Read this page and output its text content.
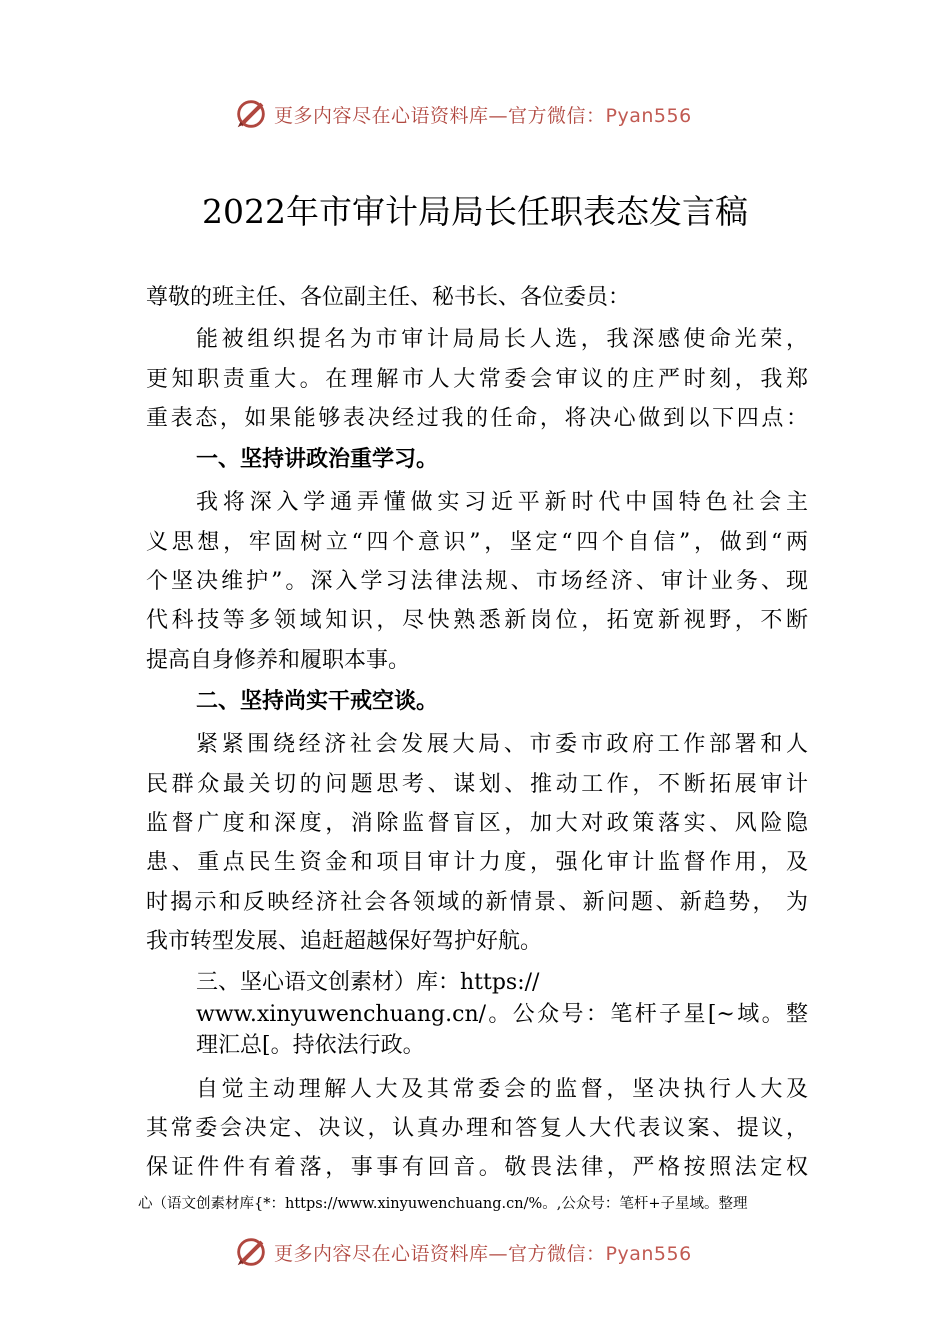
更多内容尽在心语资料库—官方微信：Pyan556
2022年市审计局局长任职表态发言稿
尊敬的班主任、各位副主任、秘书长、各位委员：
能被组织提名为市审计局局长人选，我深感使命光荣，
更知职责重大。在理解市人大常委会审议的庄严时刻，我郑
重表态，如果能够表决经过我的任命，将决心做到以下四点：
一、坚持讲政治重学习。
我将深入学通弄懂做实习近平新时代中国特色社会主
义思想，牢固树立“四个意识”，坚定“四个自信”，做到“两
个坚决维护”。深入学习法律法规、市场经济、审计业务、现
代科技等多领域知识，尽快熟悉新岗位，拓宽新视野，不断
提高自身修养和履职本事。
二、坚持尚实干戒空谈。
紧紧围绕经济社会发展大局、市委市政府工作部署和人
民群众最关切的问题思考、谋划、推动工作，不断拓展审计
监督广度和深度，消除监督盲区，加大对政策落实、风险隐
患、重点民生资金和项目审计力度，强化审计监督作用，及
时揭示和反映经济社会各领域的新情景、新问题、新趋势， 为
我市转型发展、追赶超越保好驾护好航。
三、坚心语文创素材）库：https://
www.xinyuwenchuang.cn/。公众号：笔杆子星[~域。整
理汇总[。持依法行政。
自觉主动理解人大及其常委会的监督，坚决执行人大及
其常委会决定、决议，认真办理和答复人大代表议案、提议，
保证件件有着落，事事有回音。敬畏法律，严格按照法定权
心（语文创素材库{*：https://www.xinyuwenchuang.cn/%。,公众号：笔杆+子星域。整理
更多内容尽在心语资料库—官方微信：Pyan556
